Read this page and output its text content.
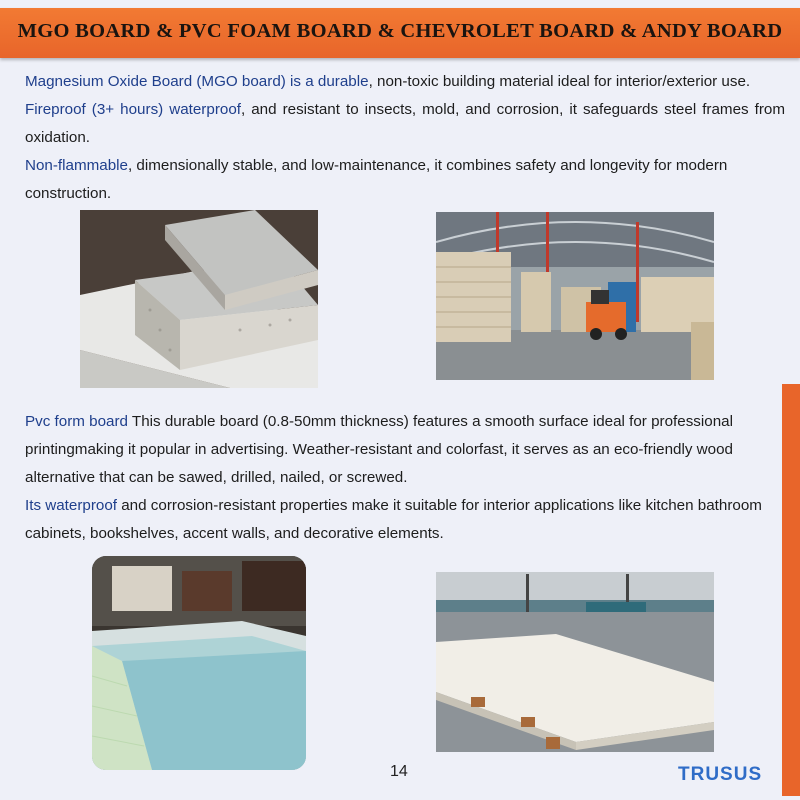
MGO BOARD & PVC FOAM BOARD & CHEVROLET BOARD & ANDY BOARD

Magnesium Oxide Board (MGO board) is a durable, non-toxic building material ideal for interior/exterior use.

Fireproof (3+ hours) waterproof, and resistant to insects, mold, and corrosion, it safeguards steel frames from oxidation.

Non-flammable, dimensionally stable, and low-maintenance, it combines safety and longevity for modern construction.

Pvc form board This durable board (0.8-50mm thickness) features a smooth surface ideal for professional printingmaking it popular in advertising. Weather-resistant and colorfast, it serves as an eco-friendly wood alternative that can be sawed, drilled, nailed, or screwed.

Its waterproof and corrosion-resistant properties make it suitable for interior applications like kitchen bathroom cabinets, bookshelves, accent walls, and decorative elements.

14	TRUSUS
